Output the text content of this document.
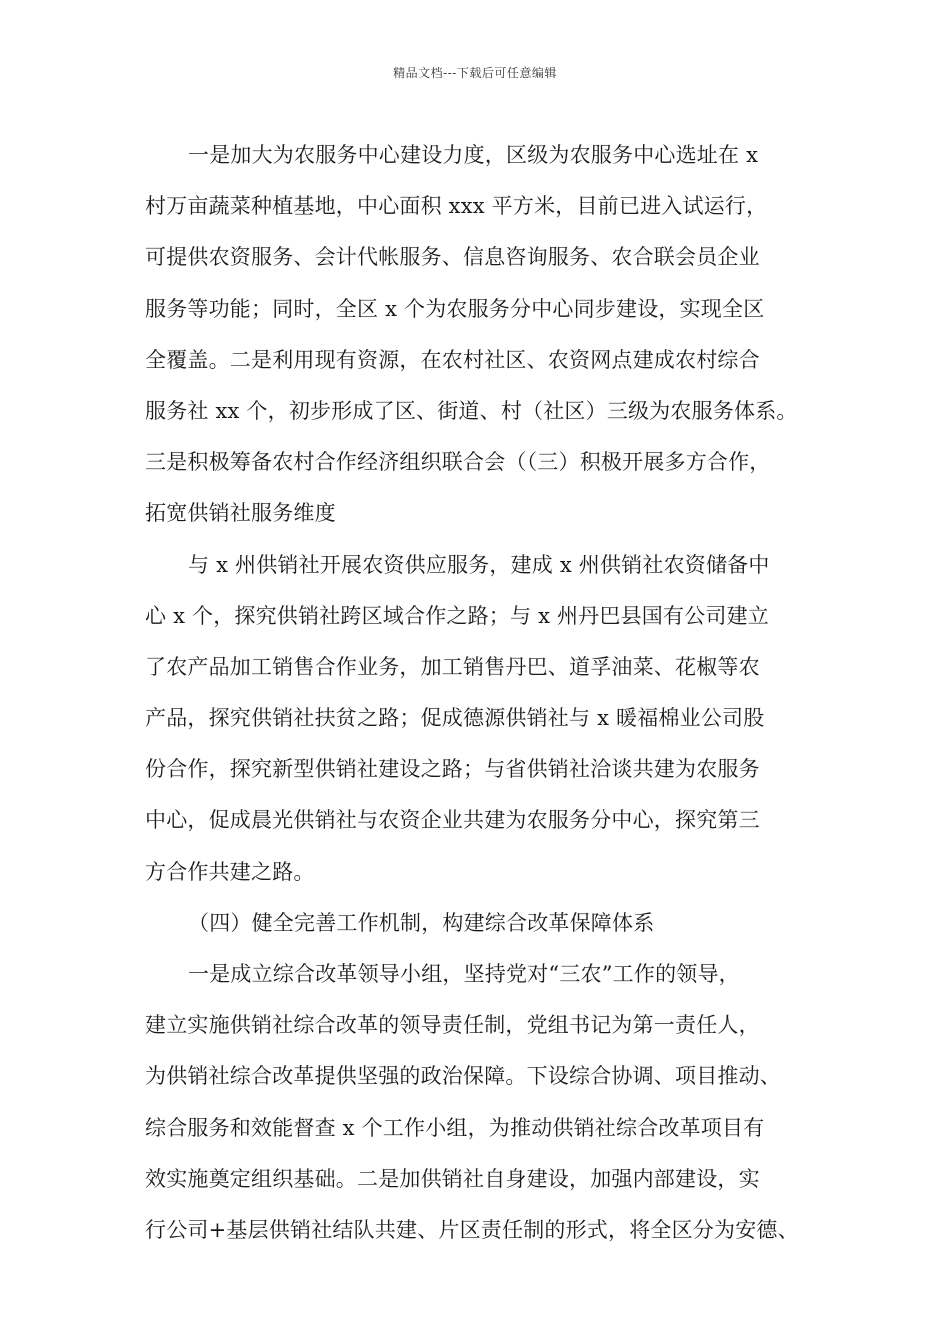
精品文档---下载后可任意编辑
一是加大为农服务中心建设力度，区级为农服务中心选址在 x
村万亩蔬菜种植基地，中心面积 xxx 平方米，目前已进入试运行，
可提供农资服务、会计代帐服务、信息咨询服务、农合联会员企业
服务等功能；同时，全区 x 个为农服务分中心同步建设，实现全区
全覆盖。二是利用现有资源，在农村社区、农资网点建成农村综合
服务社 xx 个，初步形成了区、街道、村（社区）三级为农服务体系。
三是积极筹备农村合作经济组织联合会（（三）积极开展多方合作，
拓宽供销社服务维度
与 x 州供销社开展农资供应服务，建成 x 州供销社农资储备中
心 x 个，探究供销社跨区域合作之路；与 x 州丹巴县国有公司建立
了农产品加工销售合作业务，加工销售丹巴、道孚油菜、花椒等农
产品，探究供销社扶贫之路；促成德源供销社与 x 暖福棉业公司股
份合作，探究新型供销社建设之路；与省供销社洽谈共建为农服务
中心，促成晨光供销社与农资企业共建为农服务分中心，探究第三
方合作共建之路。
（四）健全完善工作机制，构建综合改革保障体系
一是成立综合改革领导小组，坚持党对“三农”工作的领导，
建立实施供销社综合改革的领导责任制，党组书记为第一责任人，
为供销社综合改革提供坚强的政治保障。下设综合协调、项目推动、
综合服务和效能督查 x 个工作小组，为推动供销社综合改革项目有
效实施奠定组织基础。二是加供销社自身建设，加强内部建设，实
行公司+基层供销社结队共建、片区责任制的形式，将全区分为安德、
